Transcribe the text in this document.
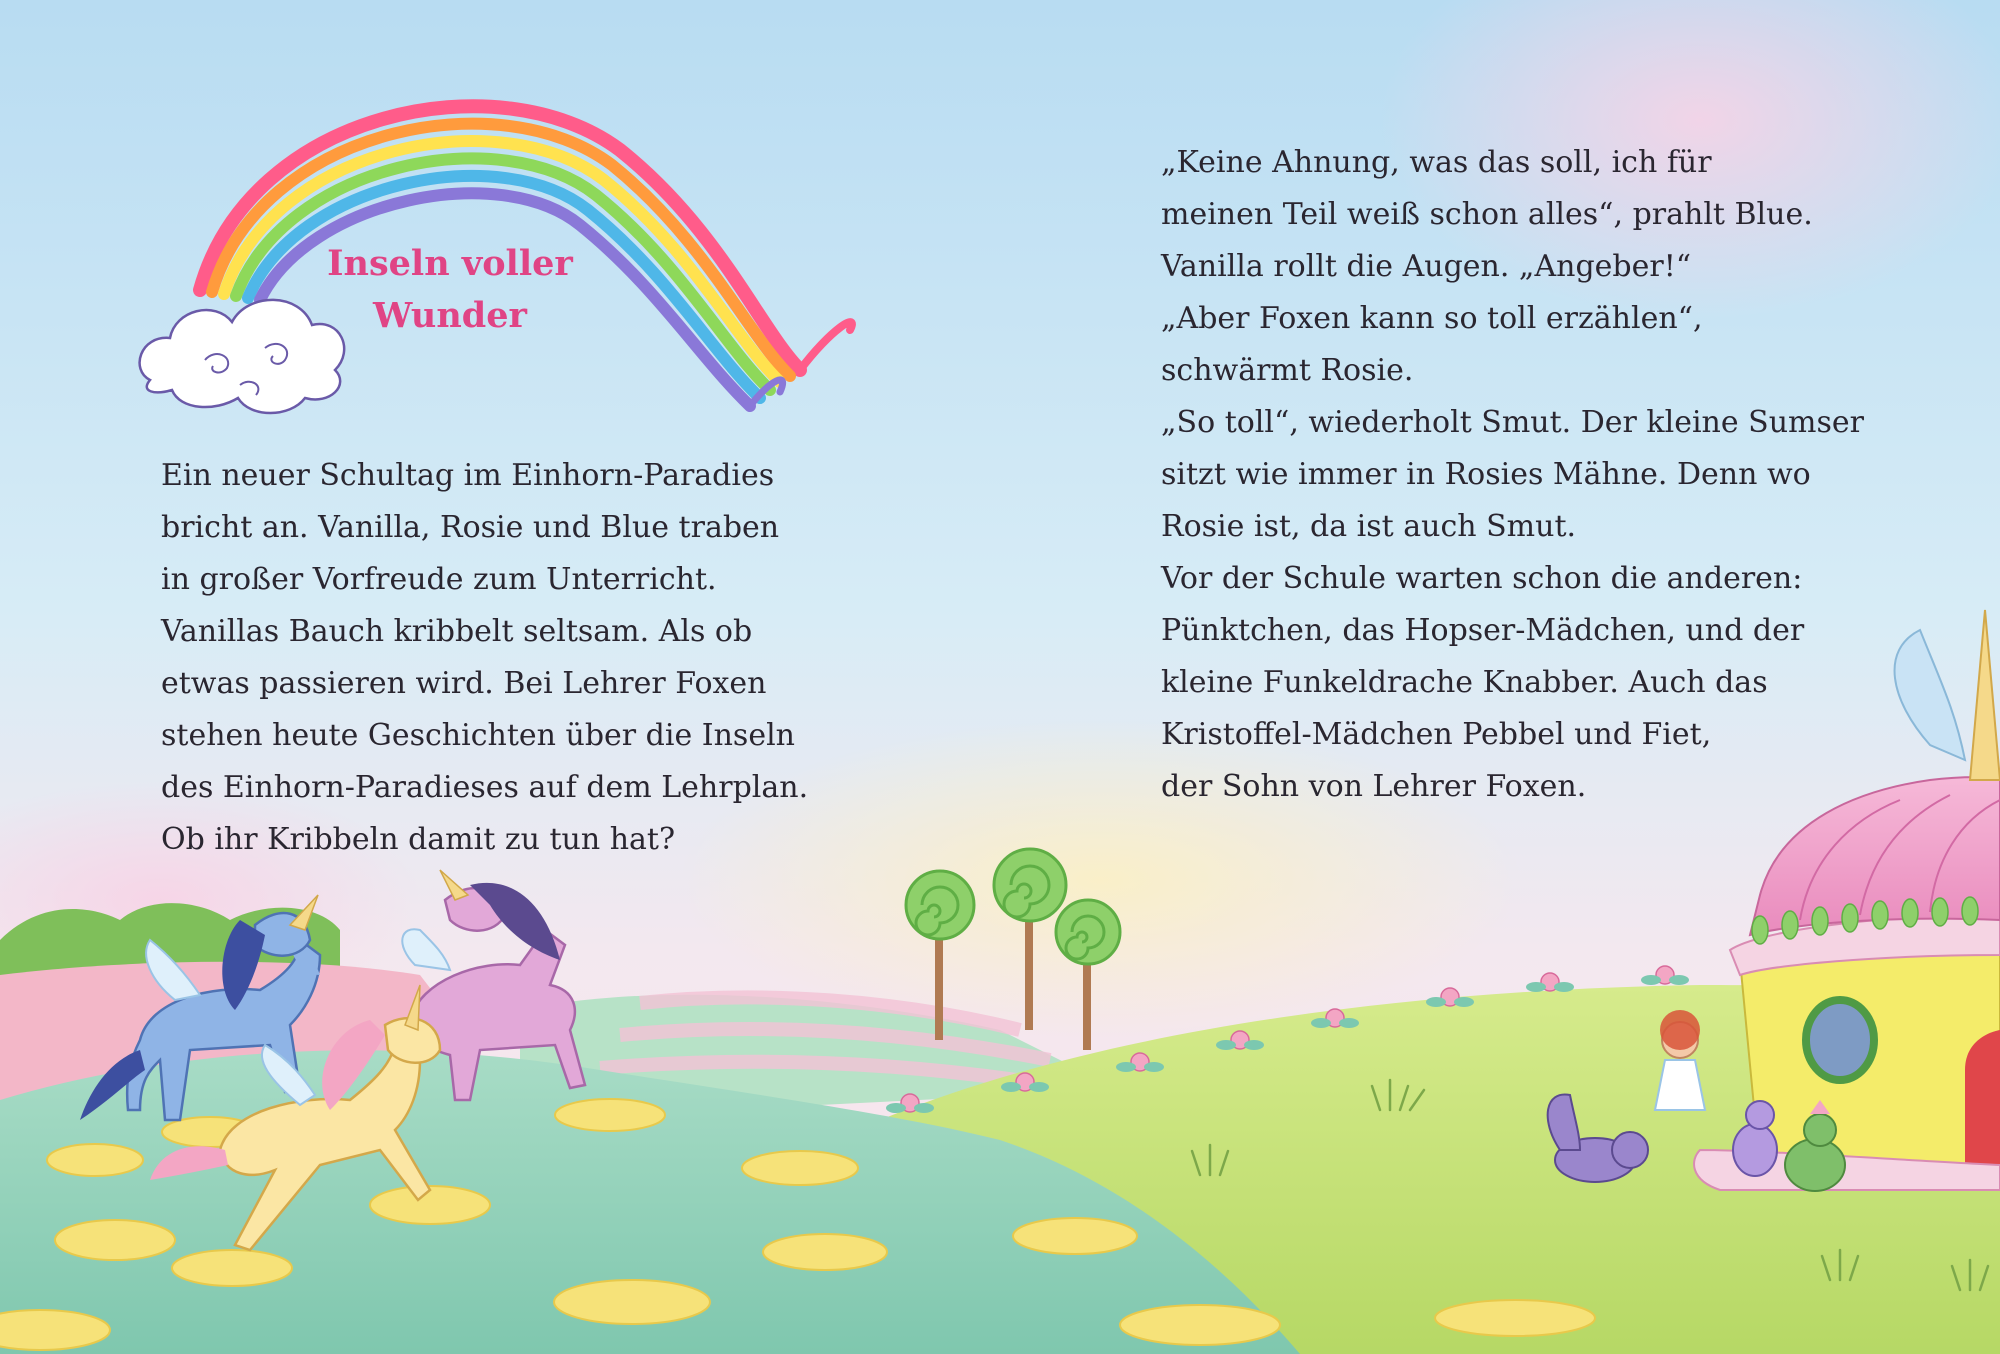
Inseln voller
Wunder

Ein neuer Schultag im Einhorn-Paradies
bricht an. Vanilla, Rosie und Blue traben
in großer Vorfreude zum Unterricht.
Vanillas Bauch kribbelt seltsam. Als ob
etwas passieren wird. Bei Lehrer Foxen
stehen heute Geschichten über die Inseln
des Einhorn-Paradieses auf dem Lehrplan.
Ob ihr Kribbeln damit zu tun hat?

„Keine Ahnung, was das soll, ich für
meinen Teil weiß schon alles“, prahlt Blue.
Vanilla rollt die Augen. „Angeber!“
„Aber Foxen kann so toll erzählen“,
schwärmt Rosie.
„So toll“, wiederholt Smut. Der kleine Sumser
sitzt wie immer in Rosies Mähne. Denn wo
Rosie ist, da ist auch Smut.
Vor der Schule warten schon die anderen:
Pünktchen, das Hopser-Mädchen, und der
kleine Funkeldrache Knabber. Auch das
Kristoffel-Mädchen Pebbel und Fiet,
der Sohn von Lehrer Foxen.
